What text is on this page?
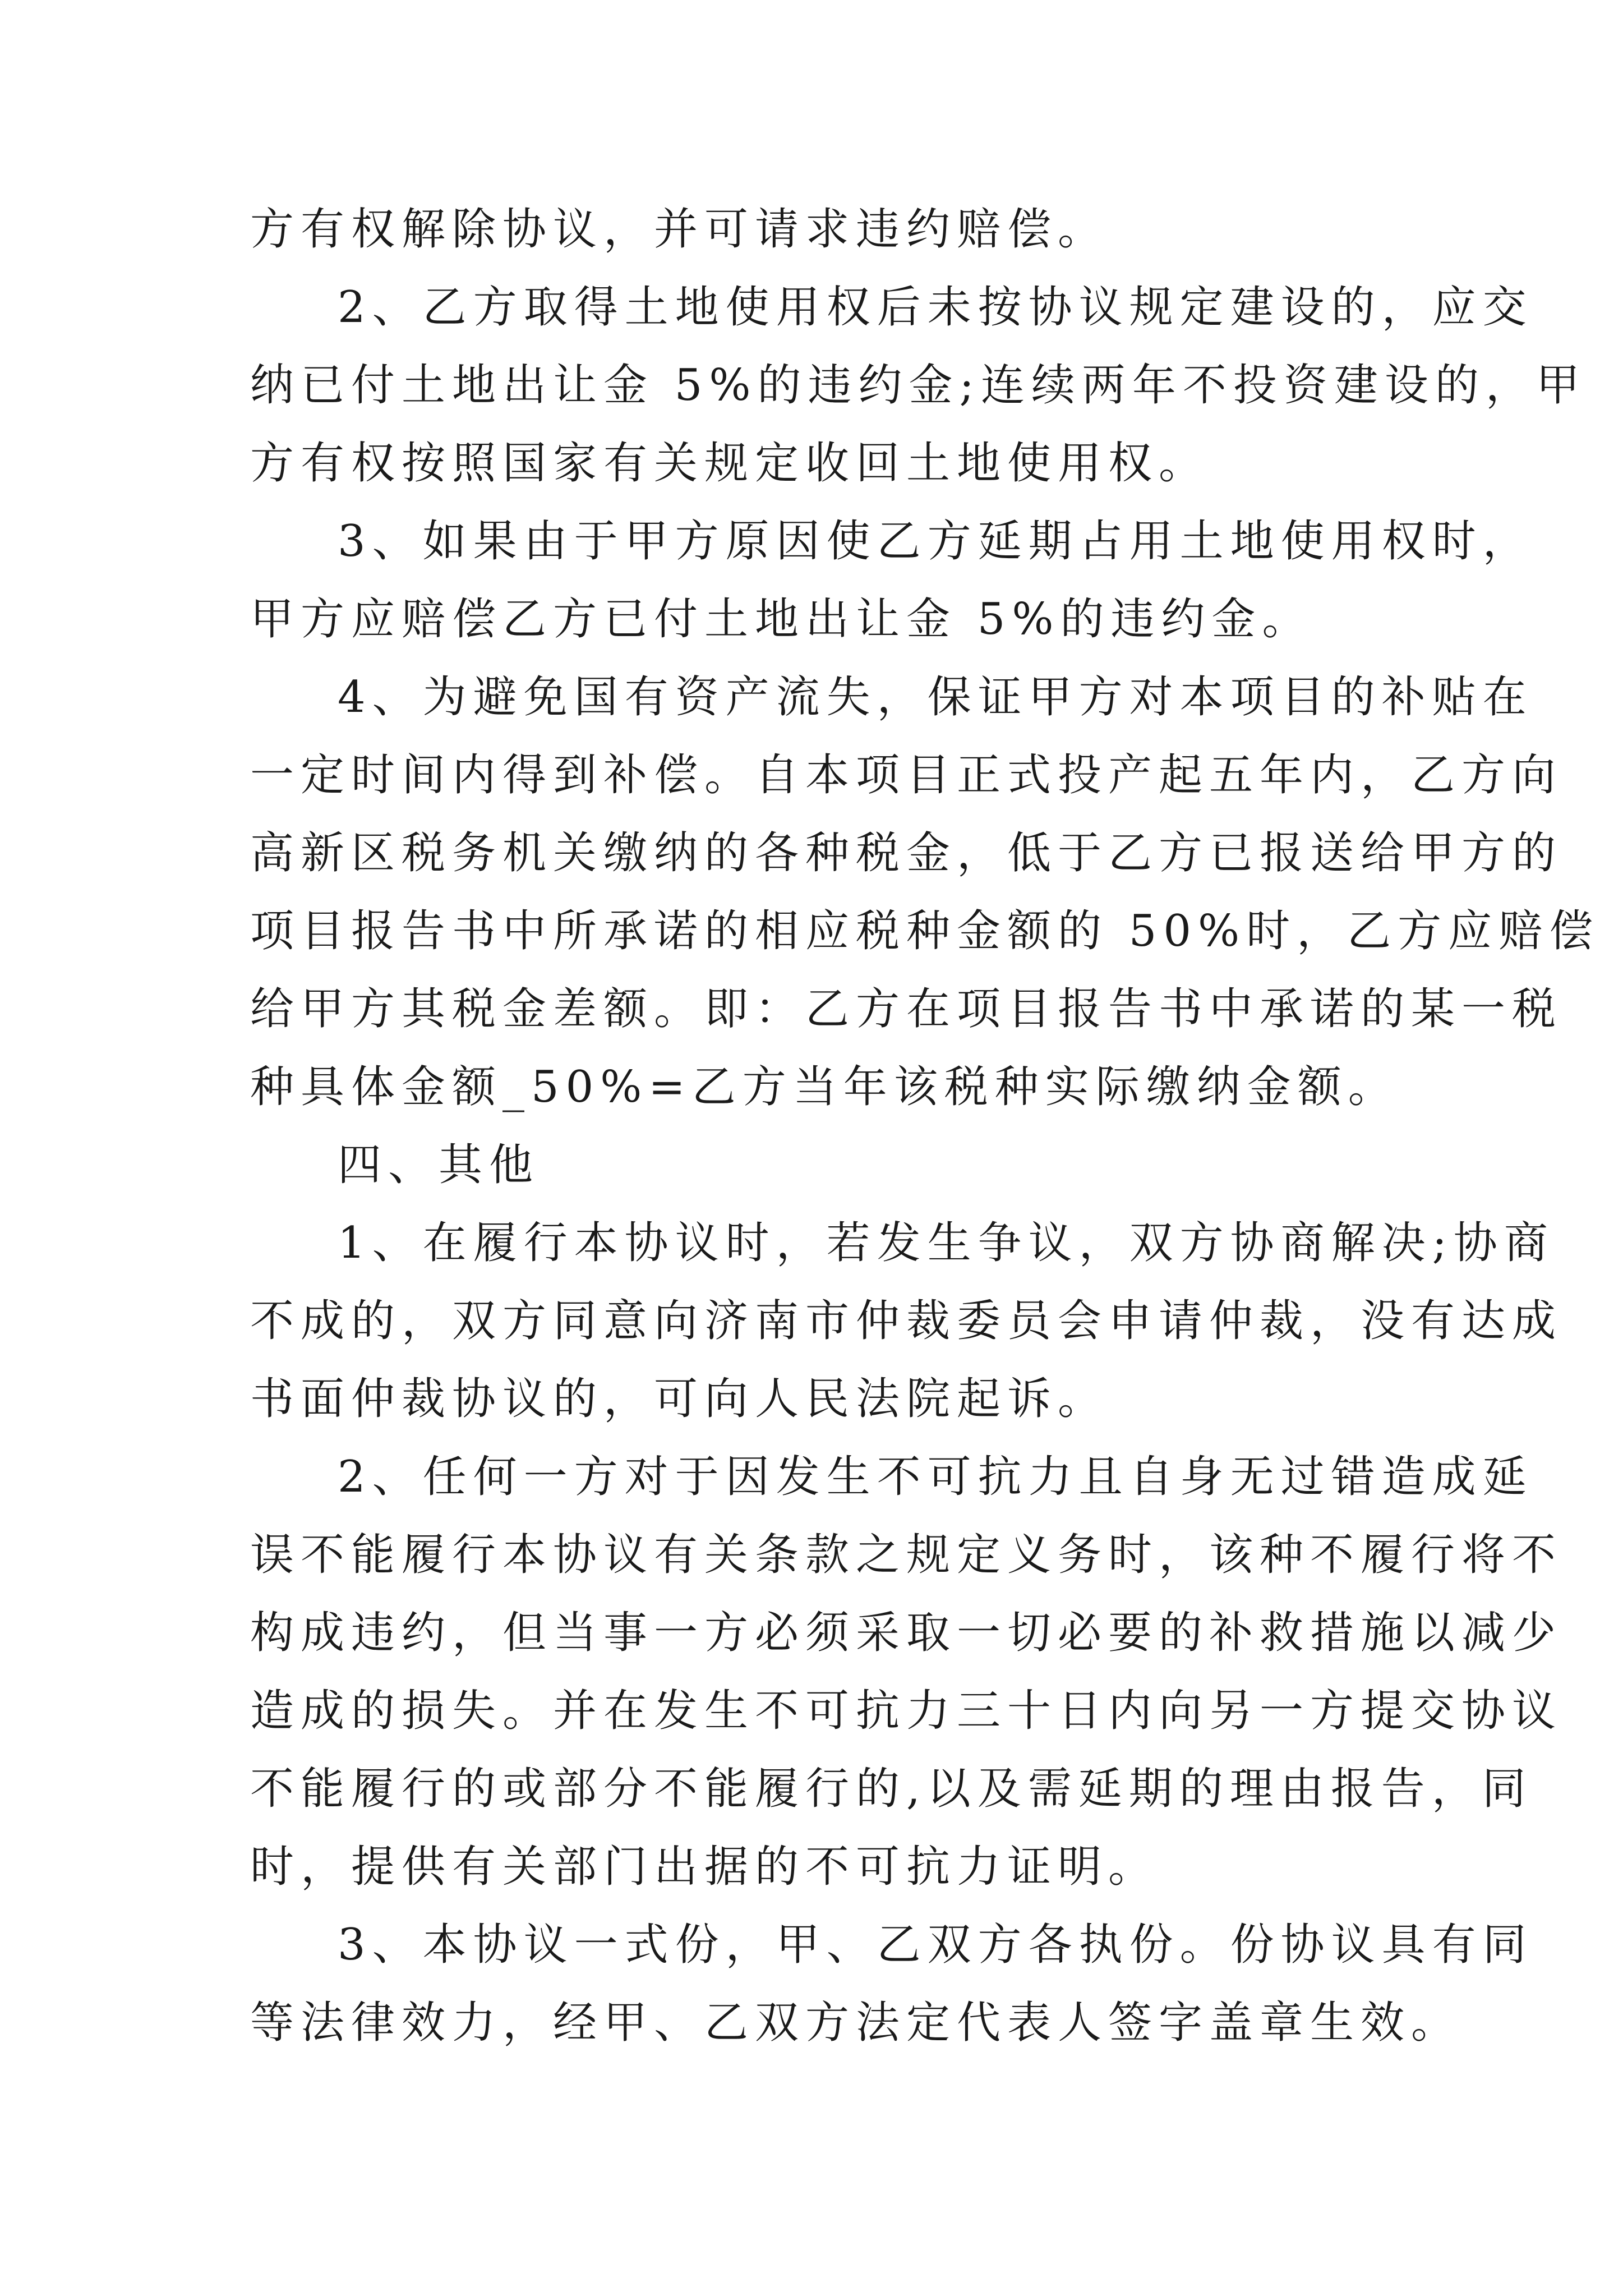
方有权解除协议，并可请求违约赔偿。
2、乙方取得土地使用权后未按协议规定建设的，应交
纳已付土地出让金 5%的违约金;连续两年不投资建设的，甲
方有权按照国家有关规定收回土地使用权。
3、如果由于甲方原因使乙方延期占用土地使用权时，
甲方应赔偿乙方已付土地出让金 5%的违约金。
4、为避免国有资产流失，保证甲方对本项目的补贴在
一定时间内得到补偿。自本项目正式投产起五年内，乙方向
高新区税务机关缴纳的各种税金，低于乙方已报送给甲方的
项目报告书中所承诺的相应税种金额的 50%时，乙方应赔偿
给甲方其税金差额。即：乙方在项目报告书中承诺的某一税
种具体金额_50%=乙方当年该税种实际缴纳金额。
四、其他
1、在履行本协议时，若发生争议，双方协商解决;协商
不成的，双方同意向济南市仲裁委员会申请仲裁，没有达成
书面仲裁协议的，可向人民法院起诉。
2、任何一方对于因发生不可抗力且自身无过错造成延
误不能履行本协议有关条款之规定义务时，该种不履行将不
构成违约，但当事一方必须采取一切必要的补救措施以减少
造成的损失。并在发生不可抗力三十日内向另一方提交协议
不能履行的或部分不能履行的,以及需延期的理由报告，同
时，提供有关部门出据的不可抗力证明。
3、本协议一式份，甲、乙双方各执份。份协议具有同
等法律效力，经甲、乙双方法定代表人签字盖章生效。
